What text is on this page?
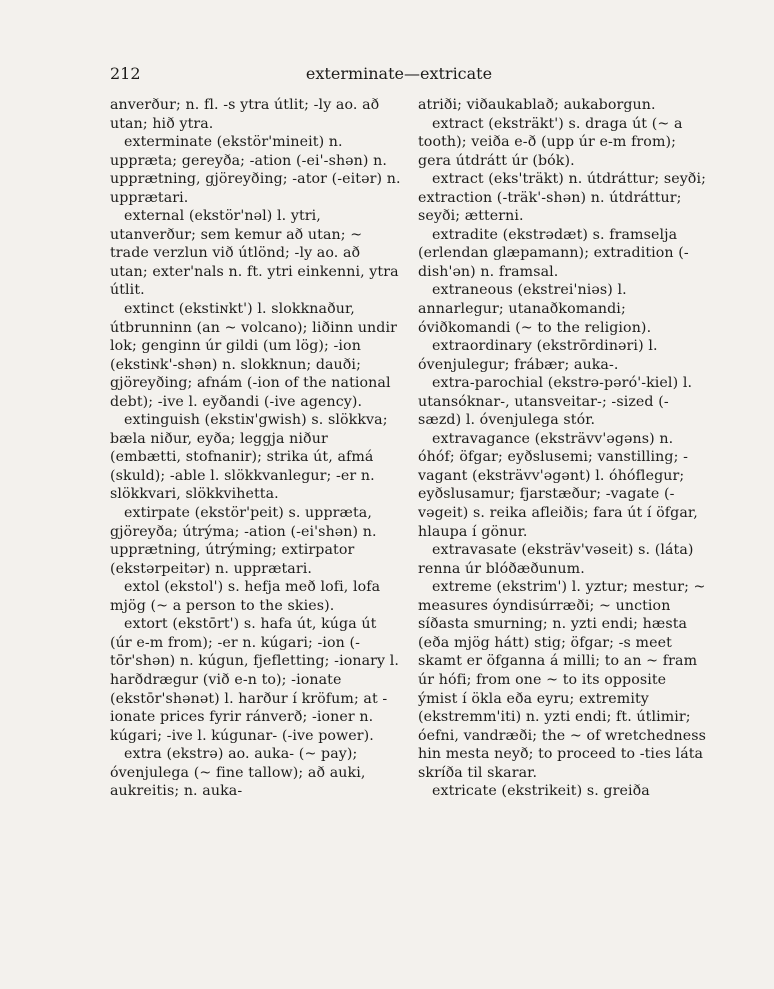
212	exterminate—extricate

anverður; n. fl. -s ytra útlit; -ly ao. að utan; hið ytra.

exterminate (ekstör'mineit) n. uppræta; gereyða; -ation (-ei'-shən) n. upprætning, gjöreyðing; -ator (-eitər) n. upprætari.

external (ekstör'nəl) l. ytri, utanverður; sem kemur að utan; ~ trade verzlun við útlönd; -ly ao. að utan; exter'nals n. ft. ytri einkenni, ytra útlit.

extinct (ekstiɴkt') l. slokknaður, útbrunninn (an ~ volcano); liðinn undir lok; genginn úr gildi (um lög); -ion (ekstiɴk'-shən) n. slokknun; dauði; gjöreyðing; afnám (-ion of the national debt); -ive l. eyðandi (-ive agency).

extinguish (ekstiɴ'gwish) s. slökkva; bæla niður, eyða; leggja niður (embætti, stofnanir); strika út, afmá (skuld); -able l. slökkvanlegur; -er n. slökkvari, slökkvihetta.

extirpate (ekstör'peit) s. uppræta, gjöreyða; útrýma; -ation (-ei'shən) n. upprætning, útrýming; extirpator (ekstərpeitər) n. upprætari.

extol (ekstol') s. hefja með lofi, lofa mjög (~ a person to the skies).

extort (ekstōrt') s. hafa út, kúga út (úr e-m from); -er n. kúgari; -ion (-tōr'shən) n. kúgun, fjefletting; -ionary l. harðdrægur (við e-n to); -ionate (ekstōr'shənət) l. harður í kröfum; at -ionate prices fyrir ránverð; -ioner n. kúgari; -ive l. kúgunar- (-ive power).

extra (ekstrə) ao. auka- (~ pay); óvenjulega (~ fine tallow); að auki, aukreitis; n. auka-

atriði; viðaukablað; aukaborgun.

extract (eksträkt') s. draga út (~ a tooth); veiða e-ð (upp úr e-m from); gera útdrátt úr (bók).

extract (eks'träkt) n. útdráttur; seyði; extraction (-träk'-shən) n. útdráttur; seyði; ætterni.

extradite (ekstrədæt) s. framselja (erlendan glæpamann); extradition (-dish'ən) n. framsal.

extraneous (ekstrei'niəs) l. annarlegur; utanaðkomandi; óviðkomandi (~ to the religion).

extraordinary (ekstrōrdinəri) l. óvenjulegur; frábær; auka-.

extra-parochial (ekstrə-pəró'-kiel) l. utansóknar-, utansveitar-; -sized (-sæzd) l. óvenjulega stór.

extravagance (eksträvv'əgəns) n. óhóf; öfgar; eyðslusemi; vanstilling; -vagant (eksträvv'əgənt) l. óhóflegur; eyðslusamur; fjarstæður; -vagate (-vəgeit) s. reika afleiðis; fara út í öfgar, hlaupa í gönur.

extravasate (eksträv'vəseit) s. (láta) renna úr blóðæðunum.

extreme (ekstrim') l. yztur; mestur; ~ measures óyndisúrræði; ~ unction síðasta smurning; n. yzti endi; hæsta (eða mjög hátt) stig; öfgar; -s meet skamt er öfganna á milli; to an ~ fram úr hófi; from one ~ to its opposite ýmist í ökla eða eyru; extremity (ekstremm'iti) n. yzti endi; ft. útlimir; óefni, vandræði; the ~ of wretchedness hin mesta neyð; to proceed to -ties láta skríða til skarar.

extricate (ekstrikeit) s. greiða
